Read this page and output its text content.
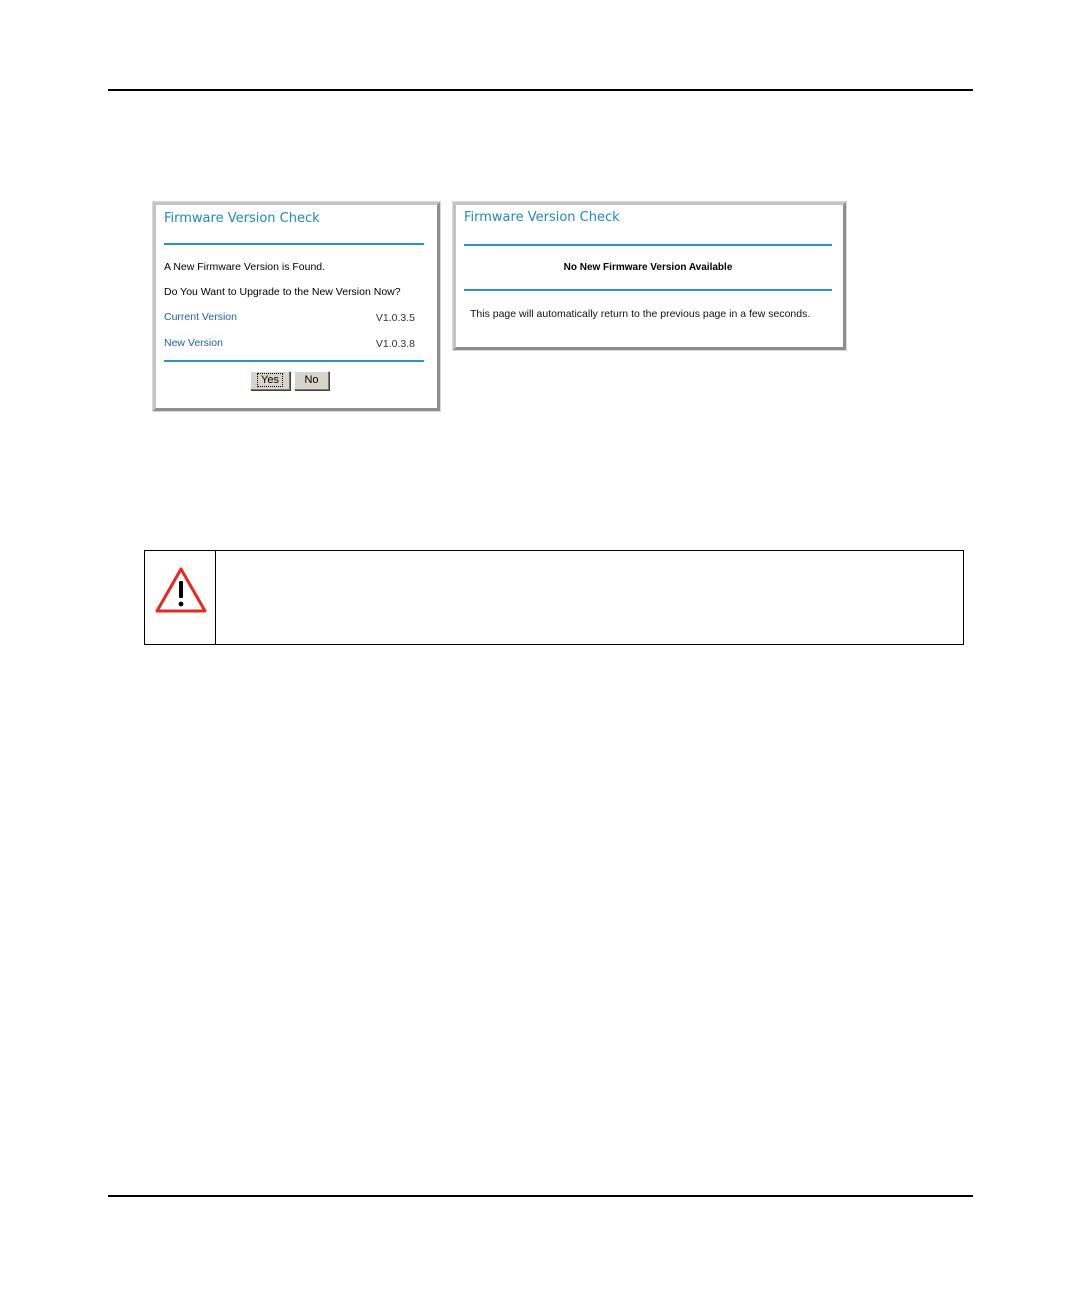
Firmware Version Check
A New Firmware Version is Found.
Do You Want to Upgrade to the New Version Now?
Current Version	V1.0.3.5
New Version	V1.0.3.8
Yes	No
Firmware Version Check
No New Firmware Version Available
This page will automatically return to the previous page in a few seconds.
